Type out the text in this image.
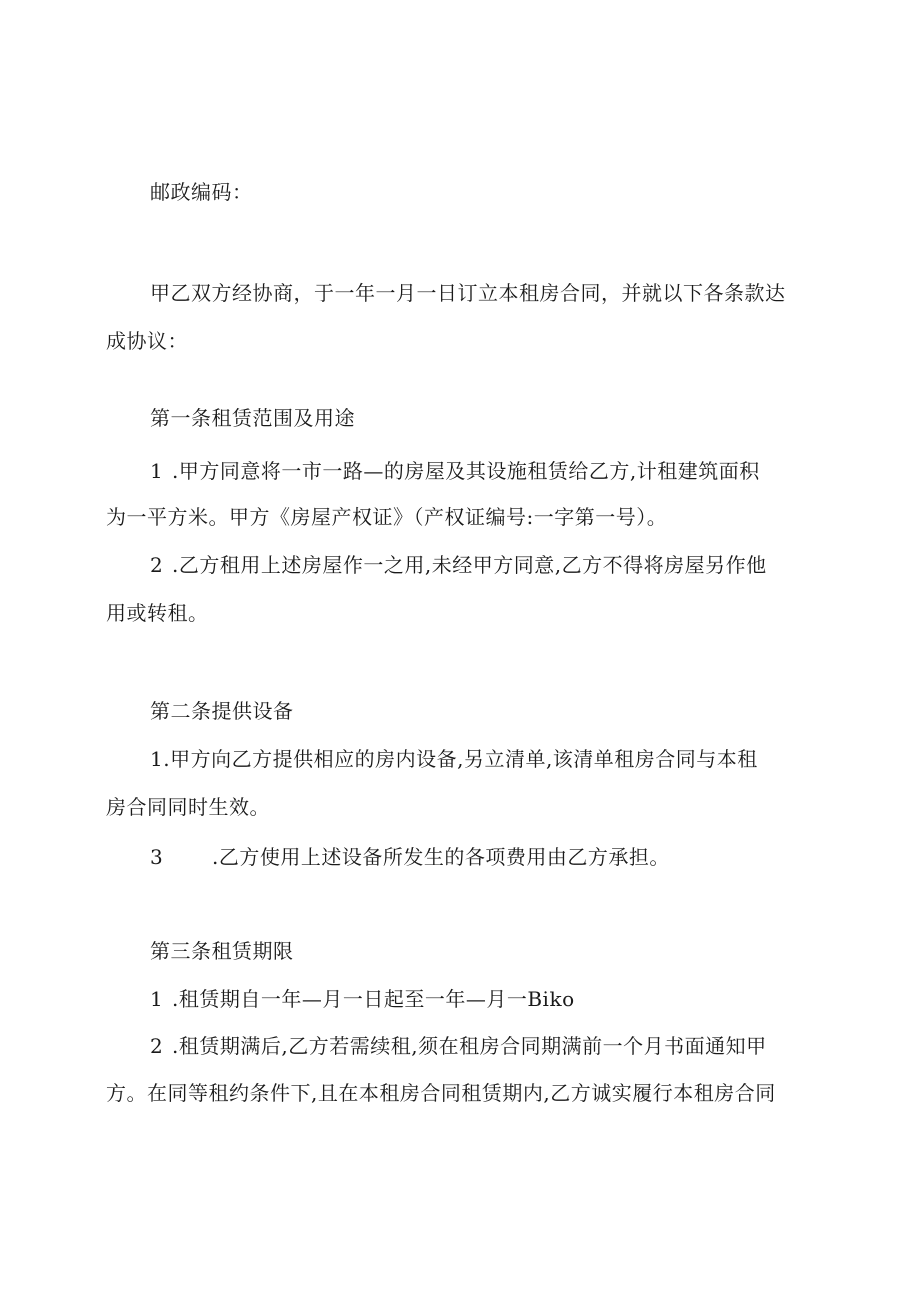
邮政编码：
甲乙双方经协商，于一年一月一日订立本租房合同，并就以下各条款达
成协议：
第一条租赁范围及用途
1 .甲方同意将一市一路—的房屋及其设施租赁给乙方,计租建筑面积
为一平方米。甲方《房屋产权证》（产权证编号:一字第一号）。
2 .乙方租用上述房屋作一之用,未经甲方同意,乙方不得将房屋另作他
用或转租。
第二条提供设备
1.甲方向乙方提供相应的房内设备,另立清单,该清单租房合同与本租
房合同同时生效。
3 .乙方使用上述设备所发生的各项费用由乙方承担。
第三条租赁期限
1 .租赁期自一年—月一日起至一年—月一Biko
2 .租赁期满后,乙方若需续租,须在租房合同期满前一个月书面通知甲
方。在同等租约条件下,且在本租房合同租赁期内,乙方诚实履行本租房合同
